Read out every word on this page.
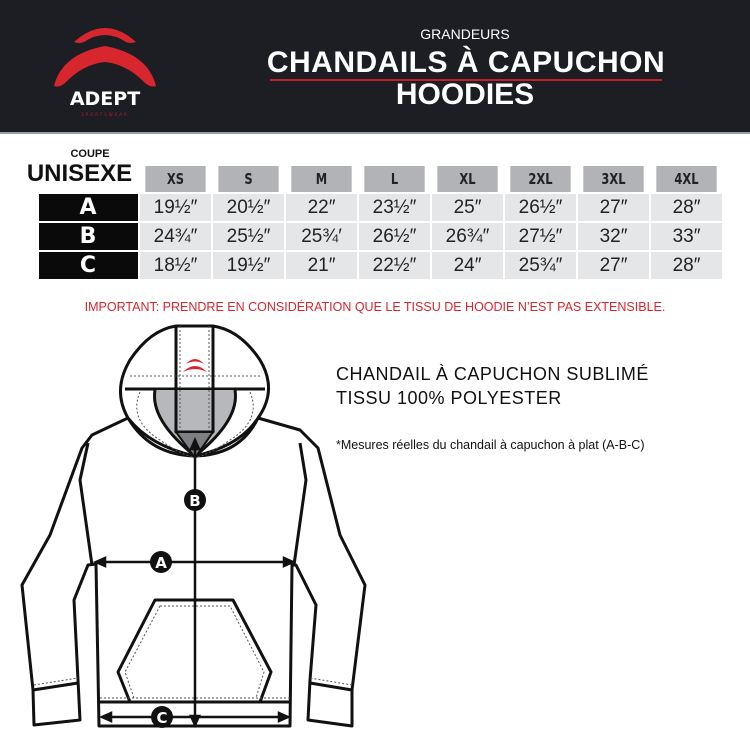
ADEPT
SPORTSWEAR
GRANDEURS
CHANDAILS À CAPUCHON
HOODIES
COUPE
UNISEXE
		XS	S	M	L	XL	2XL	3XL	4XL
A	19½″	20½″	22″	23½″	25″	26½″	27″	28″
B	24¾″	25½″	25¾′	26½″	26¾″	27½″	32″	33″
C	18½″	19½″	21″	22½″	24″	25¾″	27″	28″
IMPORTANT: PRENDRE EN CONSIDÉRATION QUE LE TISSU DE HOODIE N’EST PAS EXTENSIBLE.
B
A
C
CHANDAIL À CAPUCHON SUBLIMÉ
TISSU 100% POLYESTER
*Mesures réelles du chandail à capuchon à plat (A-B-C)
